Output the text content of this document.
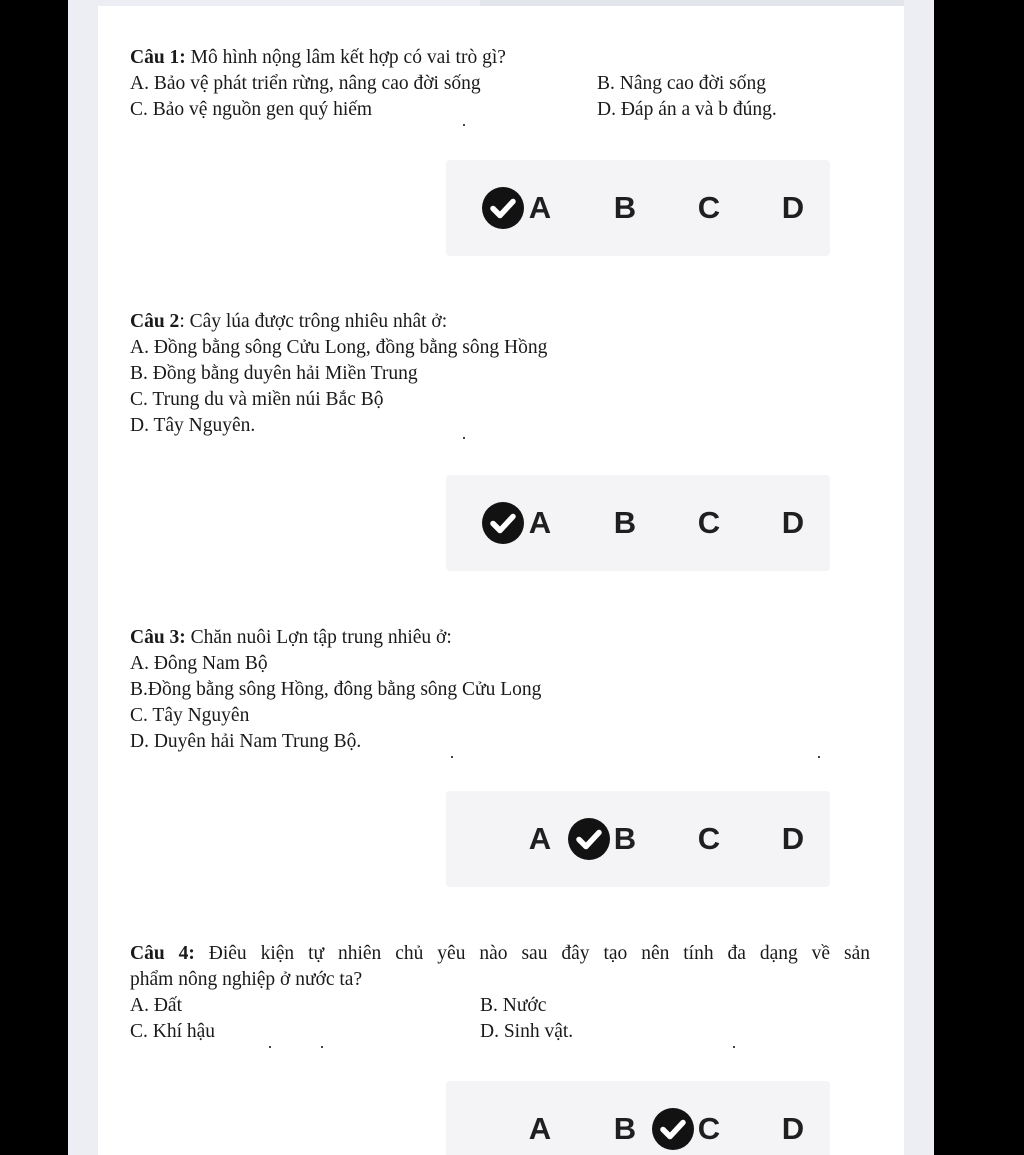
Câu 1: Mô hình nộng lâm kết hợp có vai trò gì?
A. Bảo vệ phát triển rừng, nâng cao đời sống	B. Nâng cao đời sống
C. Bảo vệ nguồn gen quý hiếm	D. Đáp án a và b đúng.
A	B	C	D
Câu 2: Cây lúa được trông nhiêu nhât ở:
A. Đồng bằng sông Cửu Long, đồng bằng sông Hồng
B. Đồng bằng duyên hải Miền Trung
C. Trung du và miền núi Bắc Bộ
D. Tây Nguyên.
A	B	C	D
Câu 3: Chăn nuôi Lợn tập trung nhiêu ở:
A. Đông Nam Bộ
B.Đồng bằng sông Hồng, đông bằng sông Cửu Long
C. Tây Nguyên
D. Duyên hải Nam Trung Bộ.
A	B	C	D
Câu 4: Điêu kiện tự nhiên chủ yêu nào sau đây tạo nên tính đa dạng về sản
phẩm nông nghiệp ở nước ta?
A. Đất	B. Nước
C. Khí hậu	D. Sinh vật.
A	B	C	D
